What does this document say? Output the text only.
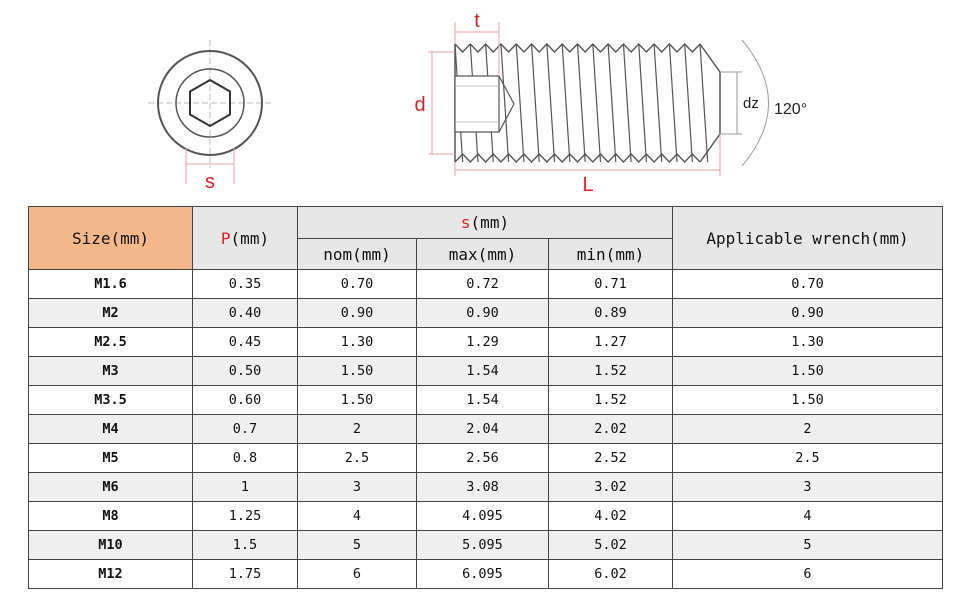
s
t
d
L
dz 120°
Size(mm)	P(mm)	s(mm)			Applicable wrench(mm)
		nom(mm)	max(mm)	min(mm)	
M1.6	0.35	0.70	0.72	0.71	0.70
M2	0.40	0.90	0.90	0.89	0.90
M2.5	0.45	1.30	1.29	1.27	1.30
M3	0.50	1.50	1.54	1.52	1.50
M3.5	0.60	1.50	1.54	1.52	1.50
M4	0.7	2	2.04	2.02	2
M5	0.8	2.5	2.56	2.52	2.5
M6	1	3	3.08	3.02	3
M8	1.25	4	4.095	4.02	4
M10	1.5	5	5.095	5.02	5
M12	1.75	6	6.095	6.02	6
